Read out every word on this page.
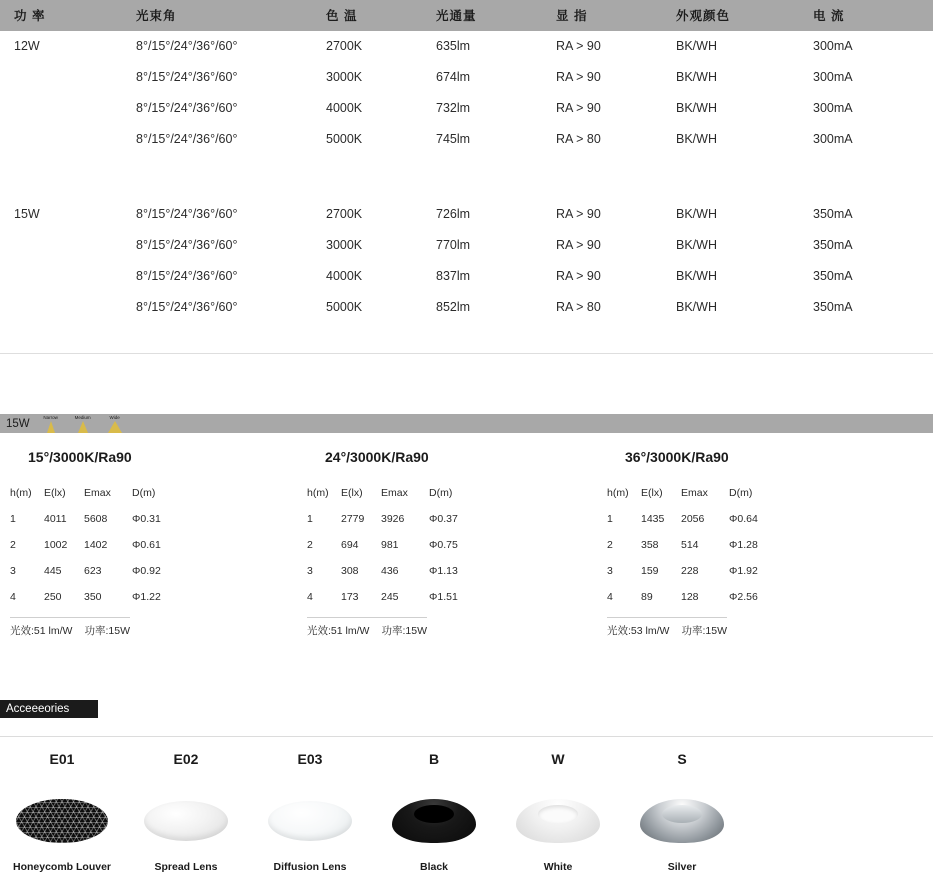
功 率	光束角	色 温	光通量	显 指	外观颜色	电 流
12W	8°/15°/24°/36°/60°	2700K	635lm	RA > 90	BK/WH	300mA
	8°/15°/24°/36°/60°	3000K	674lm	RA > 90	BK/WH	300mA
	8°/15°/24°/36°/60°	4000K	732lm	RA > 90	BK/WH	300mA
	8°/15°/24°/36°/60°	5000K	745lm	RA > 80	BK/WH	300mA

15W	8°/15°/24°/36°/60°	2700K	726lm	RA > 90	BK/WH	350mA
	8°/15°/24°/36°/60°	3000K	770lm	RA > 90	BK/WH	350mA
	8°/15°/24°/36°/60°	4000K	837lm	RA > 90	BK/WH	350mA
	8°/15°/24°/36°/60°	5000K	852lm	RA > 80	BK/WH	350mA

15W
Narrow	Medium	Wide
15°/3000K/Ra90
h(m)	E(lx)	Emax	D(m)
1	4011	5608	Φ0.31
2	1002	1402	Φ0.61
3	445	623	Φ0.92
4	250	350	Φ1.22
光效:51 lm/W 功率:15W
24°/3000K/Ra90
h(m)	E(lx)	Emax	D(m)
1	2779	3926	Φ0.37
2	694	981	Φ0.75
3	308	436	Φ1.13
4	173	245	Φ1.51
光效:51 lm/W 功率:15W
36°/3000K/Ra90
h(m)	E(lx)	Emax	D(m)
1	1435	2056	Φ0.64
2	358	514	Φ1.28
3	159	228	Φ1.92
4	89	128	Φ2.56
光效:53 lm/W 功率:15W
Acceeeories
E01
Honeycomb Louver
E02
Spread Lens
E03
Diffusion Lens
B
Black
W
White
S
Silver
